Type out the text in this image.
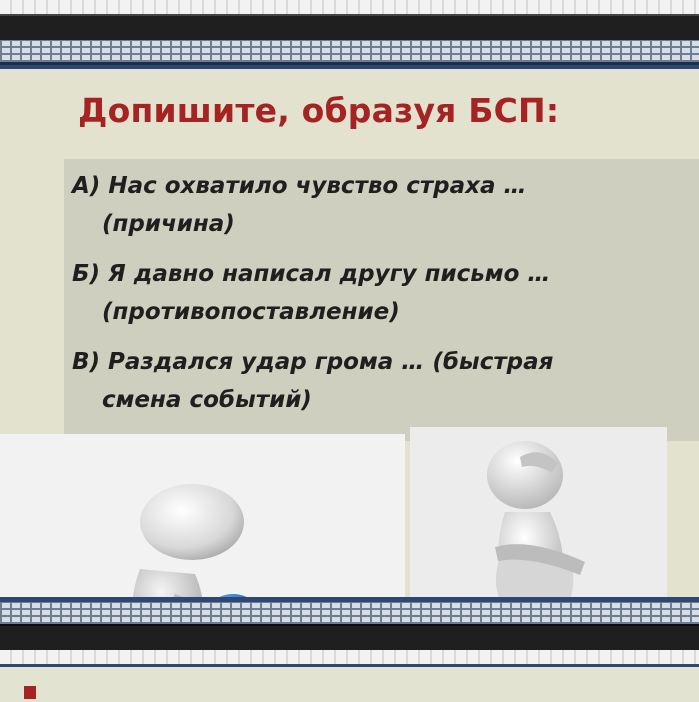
Допишите, образуя БСП:
А) Нас охватило чувство страха …
(причина)
Б) Я давно написал другу письмо …
(противопоставление)
В) Раздался удар грома … (быстрая
смена событий)
